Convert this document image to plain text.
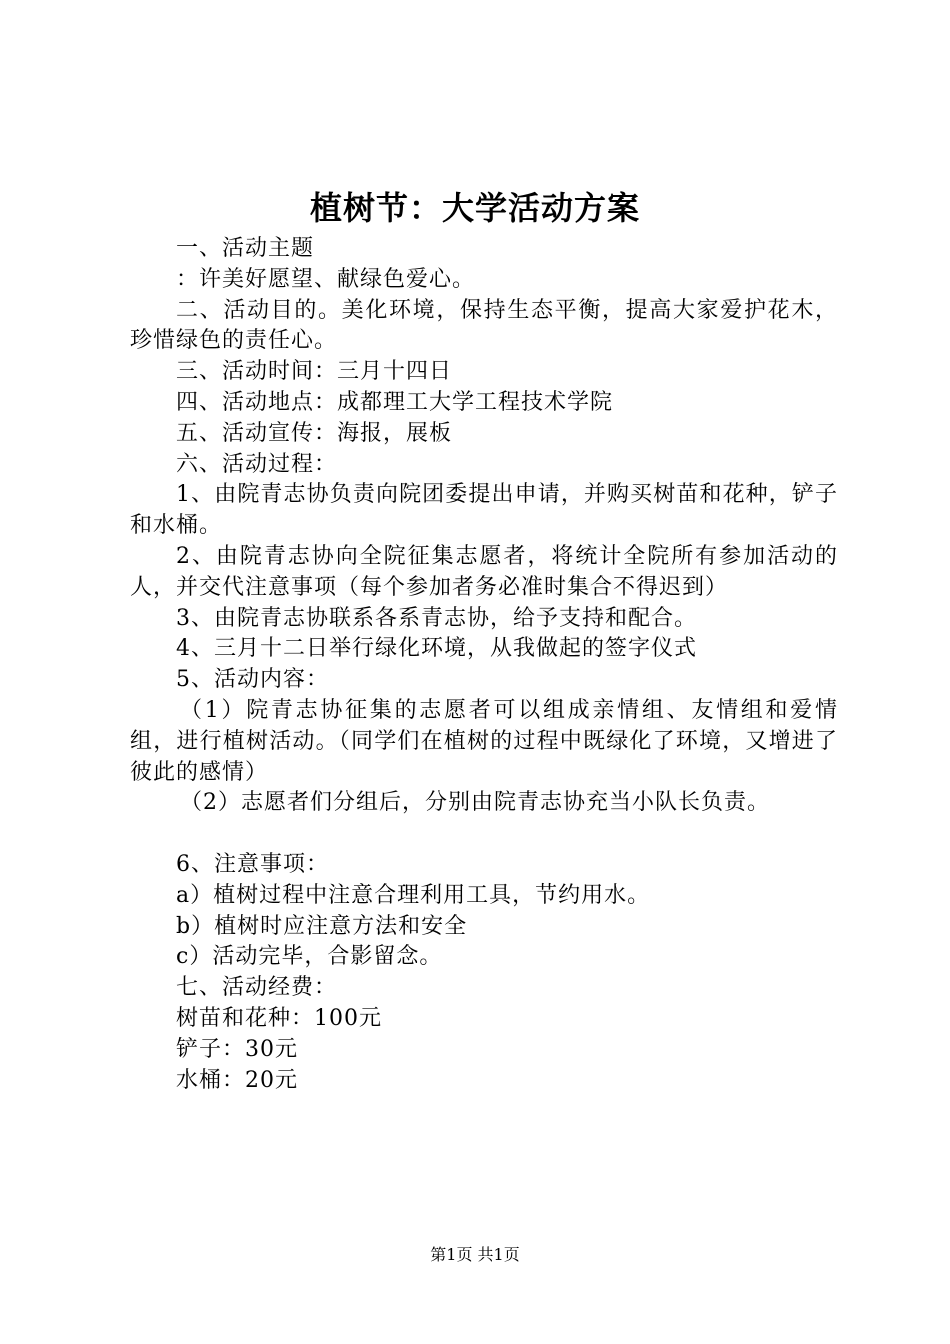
植树节：大学活动方案

一、活动主题

：许美好愿望、献绿色爱心。

二、活动目的。美化环境，保持生态平衡，提高大家爱护花木，珍惜绿色的责任心。

三、活动时间：三月十四日

四、活动地点：成都理工大学工程技术学院

五、活动宣传：海报，展板

六、活动过程：

1、由院青志协负责向院团委提出申请，并购买树苗和花种，铲子和水桶。

2、由院青志协向全院征集志愿者，将统计全院所有参加活动的人，并交代注意事项（每个参加者务必准时集合不得迟到）

3、由院青志协联系各系青志协，给予支持和配合。

4、三月十二日举行绿化环境，从我做起的签字仪式

5、活动内容：

（1）院青志协征集的志愿者可以组成亲情组、友情组和爱情组，进行植树活动。（同学们在植树的过程中既绿化了环境，又增进了彼此的感情）

（2）志愿者们分组后，分别由院青志协充当小队长负责。

6、注意事项：

a）植树过程中注意合理利用工具，节约用水。

b）植树时应注意方法和安全

c）活动完毕，合影留念。

七、活动经费：

树苗和花种：100元

铲子：30元

水桶：20元

第1页 共1页
